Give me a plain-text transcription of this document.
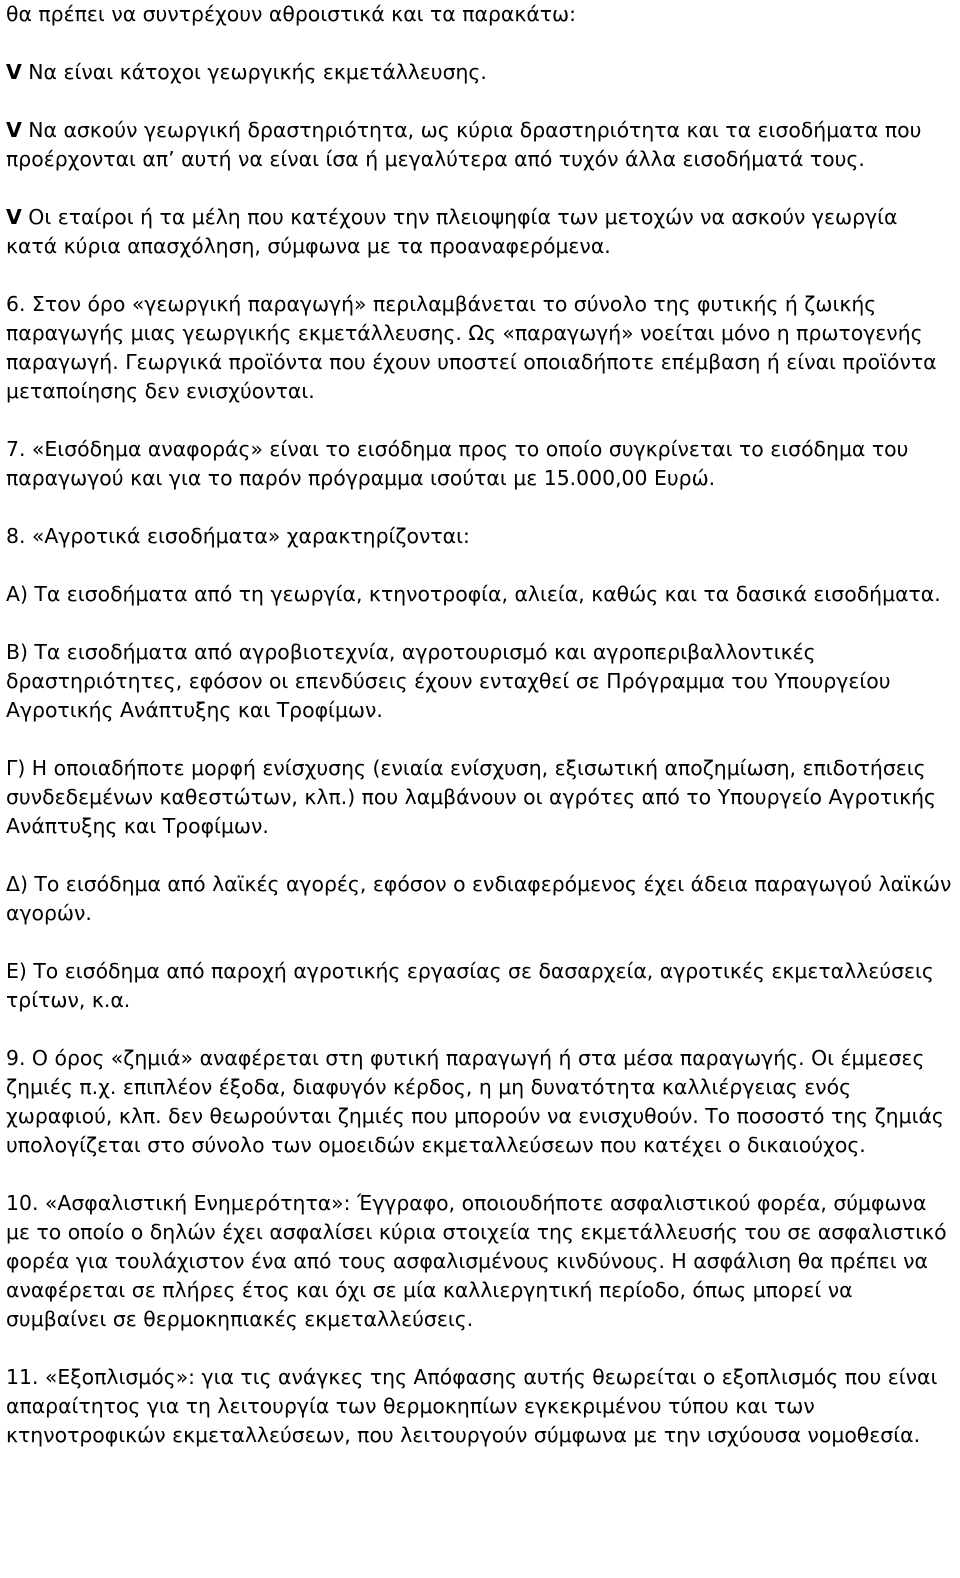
θα πρέπει να συντρέχουν αθροιστικά και τα παρακάτω:

V Να είναι κάτοχοι γεωργικής εκμετάλλευσης.

V Να ασκούν γεωργική δραστηριότητα, ως κύρια δραστηριότητα και τα εισοδήματα που προέρχονται απ’ αυτή να είναι ίσα ή μεγαλύτερα από τυχόν άλλα εισοδήματά τους.

V Οι εταίροι ή τα μέλη που κατέχουν την πλειοψηφία των μετοχών να ασκούν γεωργία κατά κύρια απασχόληση, σύμφωνα με τα προαναφερόμενα.

6. Στον όρο «γεωργική παραγωγή» περιλαμβάνεται το σύνολο της φυτικής ή ζωικής παραγωγής μιας γεωργικής εκμετάλλευσης. Ως «παραγωγή» νοείται μόνο η πρωτογενής παραγωγή. Γεωργικά προϊόντα που έχουν υποστεί οποιαδήποτε επέμβαση ή είναι προϊόντα μεταποίησης δεν ενισχύονται.

7. «Εισόδημα αναφοράς» είναι το εισόδημα προς το οποίο συγκρίνεται το εισόδημα του παραγωγού και για το παρόν πρόγραμμα ισούται με 15.000,00 Ευρώ.

8. «Αγροτικά εισοδήματα» χαρακτηρίζονται:

Α) Τα εισοδήματα από τη γεωργία, κτηνοτροφία, αλιεία, καθώς και τα δασικά εισοδήματα.

Β) Τα εισοδήματα από αγροβιοτεχνία, αγροτουρισμό και αγροπεριβαλλοντικές δραστηριότητες, εφόσον οι επενδύσεις έχουν ενταχθεί σε Πρόγραμμα του Υπουργείου Αγροτικής Ανάπτυξης και Τροφίμων.

Γ) Η οποιαδήποτε μορφή ενίσχυσης (ενιαία ενίσχυση, εξισωτική αποζημίωση, επιδοτήσεις συνδεδεμένων καθεστώτων, κλπ.) που λαμβάνουν οι αγρότες από το Υπουργείο Αγροτικής Ανάπτυξης και Τροφίμων.

Δ) Το εισόδημα από λαϊκές αγορές, εφόσον ο ενδιαφερόμενος έχει άδεια παραγωγού λαϊκών αγορών.

Ε) Το εισόδημα από παροχή αγροτικής εργασίας σε δασαρχεία, αγροτικές εκμεταλλεύσεις τρίτων, κ.α.

9. Ο όρος «ζημιά» αναφέρεται στη φυτική παραγωγή ή στα μέσα παραγωγής. Οι έμμεσες ζημιές π.χ. επιπλέον έξοδα, διαφυγόν κέρδος, η μη δυνατότητα καλλιέργειας ενός χωραφιού, κλπ. δεν θεωρούνται ζημιές που μπορούν να ενισχυθούν. Το ποσοστό της ζημιάς υπολογίζεται στο σύνολο των ομοειδών εκμεταλλεύσεων που κατέχει ο δικαιούχος.

10. «Ασφαλιστική Ενημερότητα»: Έγγραφο, οποιουδήποτε ασφαλιστικού φορέα, σύμφωνα με το οποίο ο δηλών έχει ασφαλίσει κύρια στοιχεία της εκμετάλλευσής του σε ασφαλιστικό φορέα για τουλάχιστον ένα από τους ασφαλισμένους κινδύνους. Η ασφάλιση θα πρέπει να αναφέρεται σε πλήρες έτος και όχι σε μία καλλιεργητική περίοδο, όπως μπορεί να συμβαίνει σε θερμοκηπιακές εκμεταλλεύσεις.

11. «Εξοπλισμός»: για τις ανάγκες της Απόφασης αυτής θεωρείται ο εξοπλισμός που είναι απαραίτητος για τη λειτουργία των θερμοκηπίων εγκεκριμένου τύπου και των κτηνοτροφικών εκμεταλλεύσεων, που λειτουργούν σύμφωνα με την ισχύουσα νομοθεσία.
